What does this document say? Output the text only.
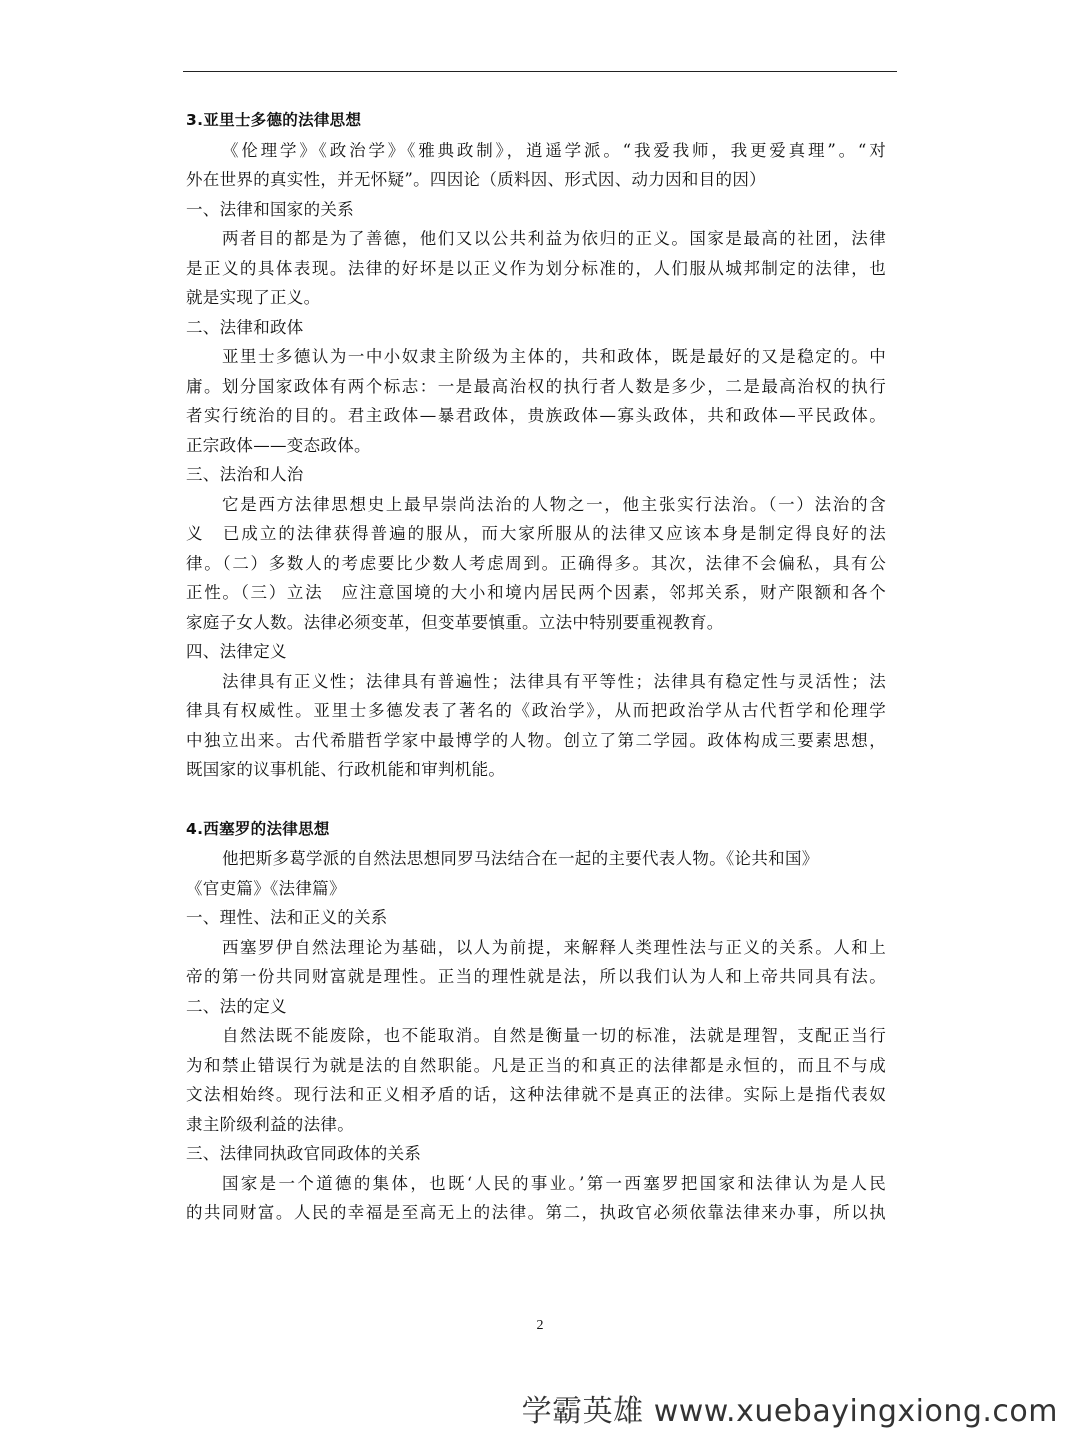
3.亚里士多德的法律思想
《伦理学》《政治学》《雅典政制》，逍遥学派。“我爱我师，我更爱真理”。“对
外在世界的真实性，并无怀疑”。四因论（质料因、形式因、动力因和目的因）
一、法律和国家的关系
两者目的都是为了善德，他们又以公共利益为依归的正义。国家是最高的社团，法律
是正义的具体表现。法律的好坏是以正义作为划分标准的，人们服从城邦制定的法律，也
就是实现了正义。
二、法律和政体
亚里士多德认为一中小奴隶主阶级为主体的，共和政体，既是最好的又是稳定的。中
庸。划分国家政体有两个标志：一是最高治权的执行者人数是多少，二是最高治权的执行
者实行统治的目的。君主政体—暴君政体，贵族政体—寡头政体，共和政体—平民政体。
正宗政体——变态政体。
三、法治和人治
它是西方法律思想史上最早崇尚法治的人物之一，他主张实行法治。（一）法治的含
义　已成立的法律获得普遍的服从，而大家所服从的法律又应该本身是制定得良好的法
律。（二）多数人的考虑要比少数人考虑周到。正确得多。其次，法律不会偏私，具有公
正性。（三）立法　应注意国境的大小和境内居民两个因素，邻邦关系，财产限额和各个
家庭子女人数。法律必须变革，但变革要慎重。立法中特别要重视教育。
四、法律定义
法律具有正义性；法律具有普遍性；法律具有平等性；法律具有稳定性与灵活性；法
律具有权威性。亚里士多德发表了著名的《政治学》，从而把政治学从古代哲学和伦理学
中独立出来。古代希腊哲学家中最博学的人物。创立了第二学园。政体构成三要素思想，
既国家的议事机能、行政机能和审判机能。
4.西塞罗的法律思想
他把斯多葛学派的自然法思想同罗马法结合在一起的主要代表人物。《论共和国》
《官吏篇》《法律篇》
一、理性、法和正义的关系
西塞罗伊自然法理论为基础，以人为前提，来解释人类理性法与正义的关系。人和上
帝的第一份共同财富就是理性。正当的理性就是法，所以我们认为人和上帝共同具有法。
二、法的定义
自然法既不能废除，也不能取消。自然是衡量一切的标准，法就是理智，支配正当行
为和禁止错误行为就是法的自然职能。凡是正当的和真正的法律都是永恒的，而且不与成
文法相始终。现行法和正义相矛盾的话，这种法律就不是真正的法律。实际上是指代表奴
隶主阶级利益的法律。
三、法律同执政官同政体的关系
国家是一个道德的集体，也既‘人民的事业。’第一西塞罗把国家和法律认为是人民
的共同财富。人民的幸福是至高无上的法律。第二，执政官必须依靠法律来办事，所以执
2
学霸英雄 www.xuebayingxiong.com
